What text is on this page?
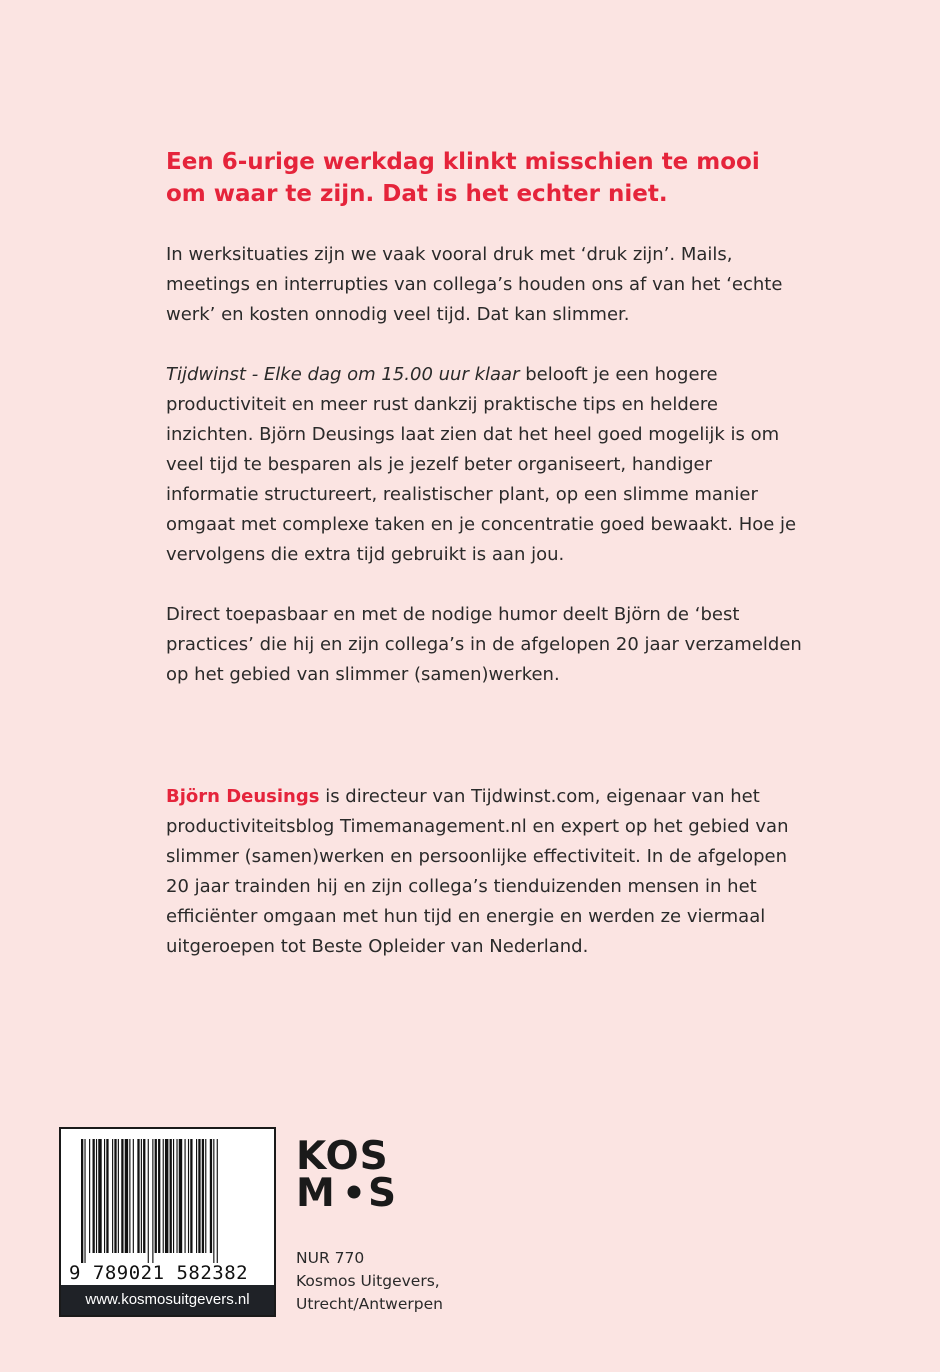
Een 6-urige werkdag klinkt misschien te mooi om waar te zijn. Dat is het echter niet.

In werksituaties zijn we vaak vooral druk met ‘druk zijn’. Mails, meetings en interrupties van collega’s houden ons af van het ‘echte werk’ en kosten onnodig veel tijd. Dat kan slimmer.

Tijdwinst - Elke dag om 15.00 uur klaar belooft je een hogere productiviteit en meer rust dankzij praktische tips en heldere inzichten. Björn Deusings laat zien dat het heel goed mogelijk is om veel tijd te besparen als je jezelf beter organiseert, handiger informatie structureert, realistischer plant, op een slimme manier omgaat met complexe taken en je concentratie goed bewaakt. Hoe je vervolgens die extra tijd gebruikt is aan jou.

Direct toepasbaar en met de nodige humor deelt Björn de ‘best practices’ die hij en zijn collega’s in de afgelopen 20 jaar verzamelden op het gebied van slimmer (samen)werken.

Björn Deusings is directeur van Tijdwinst.com, eigenaar van het productiviteitsblog Timemanagement.nl en expert op het gebied van slimmer (samen)werken en persoonlijke effectiviteit. In de afgelopen 20 jaar trainden hij en zijn collega’s tienduizenden mensen in het efficiënter omgaan met hun tijd en energie en werden ze viermaal uitgeroepen tot Beste Opleider van Nederland.

9 789021 582382
www.kosmosuitgevers.nl
KOS
M S
NUR 770
Kosmos Uitgevers,
Utrecht/Antwerpen
